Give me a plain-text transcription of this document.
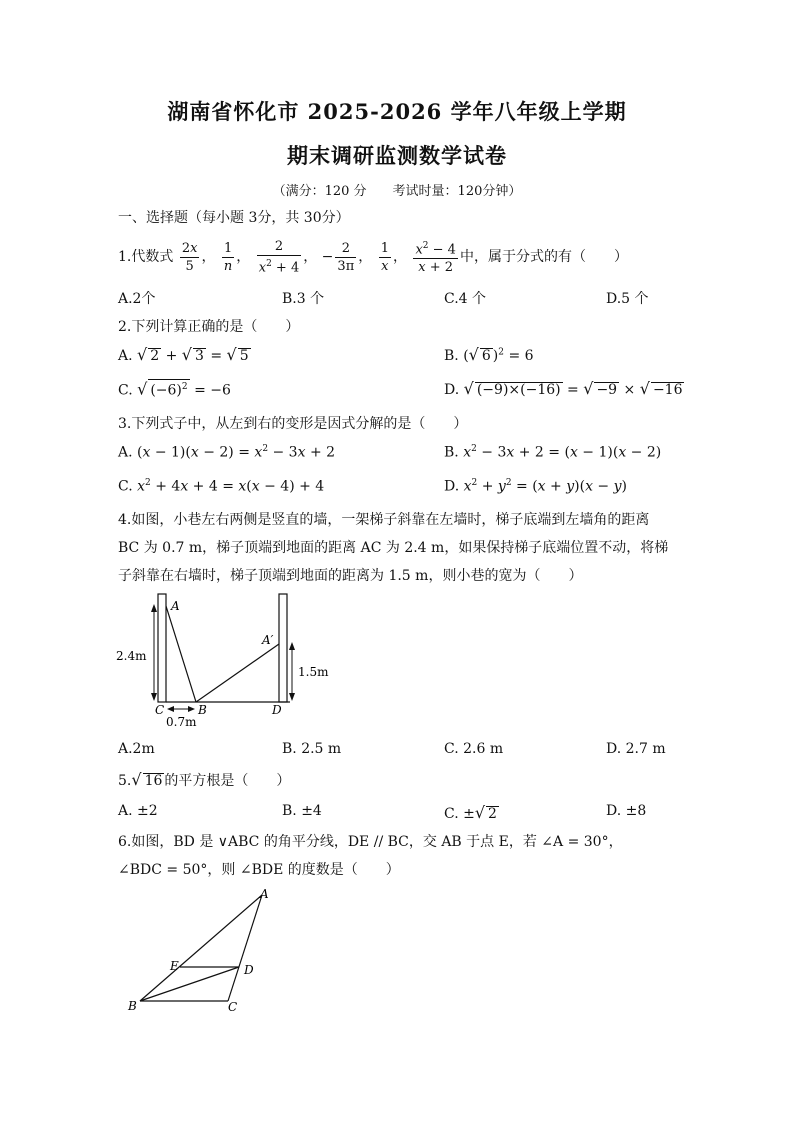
湖南省怀化市 2025-2026 学年八年级上学期
期末调研监测数学试卷
（满分：120 分　　考试时量：120分钟）
一、选择题（每小题 3分，共 30分）
1.代数式 $\frac{2x}{5}$ ， $\frac{1}{n}$ ， $\frac{2}{x^2 + 4}$ ， − $\frac{2}{3\pi}$ ， $\frac{1}{x}$ ， $\frac{x^2 - 4}{x + 2}$ 中，属于分式的有（　　）
A.2个	B.3 个	C.4 个	D.5 个
2.下列计算正确的是（　　）
A. √ 2 + √ 3 = √ 5	B. (√ 6 )$^2$ = 6
C. √ $(-6)^2 = -6$	D. √ (−9)×(−16) = √ −9 × √ −16
3.下列式子中，从左到右的变形是因式分解的是（　　）
A. $(x - 1)(x - 2) = x^2 - 3x + 2$	B. $x^2 - 3x + 2 = (x - 1)(x - 2)$
C. $x^2 + 4x + 4 = x(x - 4) + 4$	D. $x^2 + y^2 = (x + y)(x - y)$
4.如图，小巷左右两侧是竖直的墙，一架梯子斜靠在左墙时，梯子底端到左墙角的距离
BC 为 0.7 m，梯子顶端到地面的距离 AC 为 2.4 m，如果保持梯子底端位置不动，将梯
子斜靠在右墙时，梯子顶端到地面的距离为 1.5 m，则小巷的宽为（　　）
A
A′
C	B	D
2.4m
1.5m
0.7m
A.2m	B. 2.5 m	C. 2.6 m	D. 2.7 m
5.√ 16 的平方根是（　　）
A. ±2	B. ±4	C. ±√ 2	D. ±8
6.如图，BD 是 ∨ABC 的角平分线，DE // BC，交 AB 于点 E，若 ∠A = 30°，
∠BDC = 50°，则 ∠BDE 的度数是（　　）
A
B	C
D
E
